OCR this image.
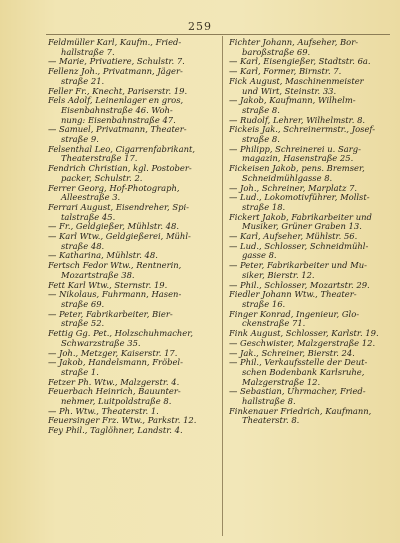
259
Feldmüller Karl, Kaufm., Fried-
hallstraße 7.
— Marie, Privatiere, Schulstr. 7.
Fellenz Joh., Privatmann, Jäger-
straße 21.
Feller Fr., Knecht, Pariserstr. 19.
Fels Adolf, Leinenlager en gros,
Eisenbahnstraße 46. Woh-
nung: Eisenbahnstraße 47.
— Samuel, Privatmann, Theater-
straße 9.
Felsenthal Leo, Cigarrenfabrikant,
Theaterstraße 17.
Fendrich Christian, kgl. Postober-
packer, Schulstr. 2.
Ferrer Georg, Hof-Photograph,
Alleestraße 3.
Ferrari August, Eisendreher, Spi-
talstraße 45.
— Fr., Geldgießer, Mühlstr. 48.
— Karl Wtw., Geldgießerei, Mühl-
straße 48.
— Katharina, Mühlstr. 48.
Fertsch Fedor Wtw., Rentnerin,
Mozartstraße 38.
Fett Karl Wtw., Sternstr. 19.
— Nikolaus, Fuhrmann, Hasen-
straße 69.
— Peter, Fabrikarbeiter, Bier-
straße 52.
Fettig Gg. Pet., Holzschuhmacher,
Schwarzstraße 35.
— Joh., Metzger, Kaiserstr. 17.
— Jakob, Handelsmann, Fröbel-
straße 1.
Fetzer Ph. Wtw., Malzgerstr. 4.
Feuerbach Heinrich, Bauunter-
nehmer, Luitpoldstraße 8.
— Ph. Wtw., Theaterstr. 1.
Feuersinger Frz. Wtw., Parkstr. 12.
Fey Phil., Taglöhner, Landstr. 4.
Fichter Johann, Aufseher, Bor-
baroßstraße 69.
— Karl, Eisengießer, Stadtstr. 6a.
— Karl, Former, Birnstr. 7.
Fick August, Maschinenmeister
und Wirt, Steinstr. 33.
— Jakob, Kaufmann, Wilhelm-
straße 8.
— Rudolf, Lehrer, Wilhelmstr. 8.
Fickeis Jak., Schreinermstr., Josef-
straße 8.
— Philipp, Schreinerei u. Sarg-
magazin, Hasenstraße 25.
Fickeisen Jakob, pens. Bremser,
Schneidmühlgasse 8.
— Joh., Schreiner, Marplatz 7.
— Lud., Lokomotivführer, Mollst-
straße 18.
Fickert Jakob, Fabrikarbeiter und
Musiker, Grüner Graben 13.
— Karl, Aufseher, Mühlstr. 56.
— Lud., Schlosser, Schneidmühl-
gasse 8.
— Peter, Fabrikarbeiter und Mu-
siker, Bierstr. 12.
— Phil., Schlosser, Mozartstr. 29.
Fiedler Johann Wtw., Theater-
straße 16.
Finger Konrad, Ingenieur, Glo-
ckenstraße 71.
Fink August, Schlosser, Karlstr. 19.
— Geschwister, Malzgerstraße 12.
— Jak., Schreiner, Bierstr. 24.
— Phil., Verkaufsstelle der Deut-
schen Bodenbank Karlsruhe,
Malzgerstraße 12.
— Sebastian, Uhrmacher, Fried-
hallstraße 8.
Finkenauer Friedrich, Kaufmann,
Theaterstr. 8.
